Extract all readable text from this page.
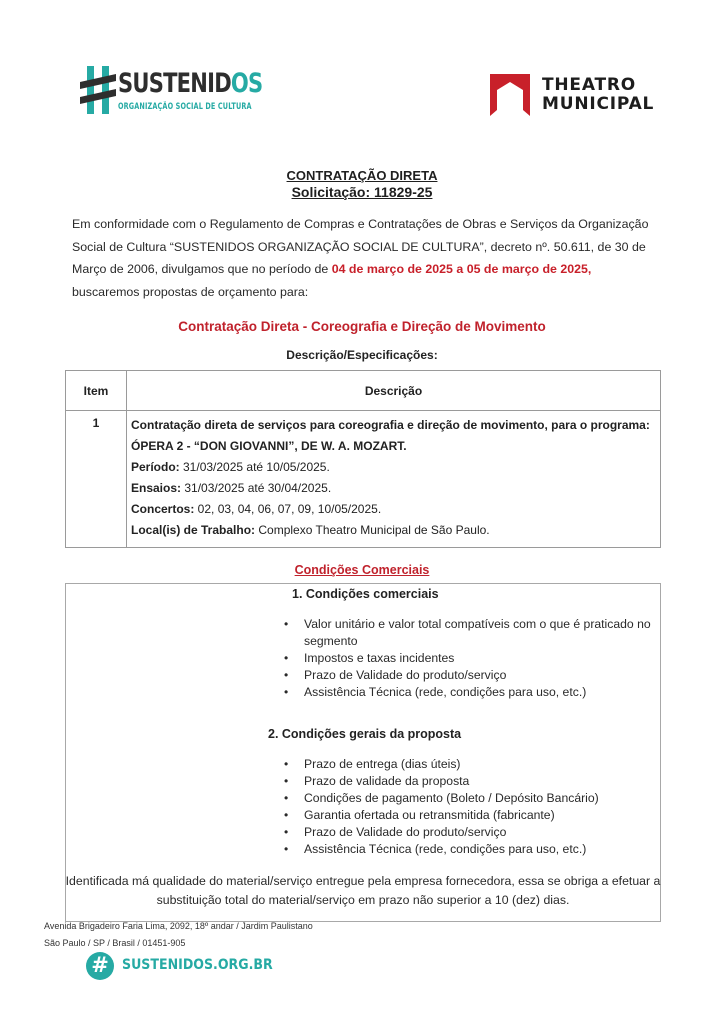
SUSTENIDOS
ORGANIZAÇÃO SOCIAL DE CULTURA
THEATRO
MUNICIPAL
CONTRATAÇÃO DIRETA
Solicitação: 11829-25

Em conformidade com o Regulamento de Compras e Contratações de Obras e Serviços da Organização Social de Cultura “SUSTENIDOS ORGANIZAÇÃO SOCIAL DE CULTURA”, decreto nº. 50.611, de 30 de Março de 2006, divulgamos que no período de 04 de março de 2025 a 05 de março de 2025, buscaremos propostas de orçamento para:

Contratação Direta - Coreografia e Direção de Movimento
Descrição/Especificações:
Item	Descrição
1	Contratação direta de serviços para coreografia e direção de movimento, para o programa:
ÓPERA 2 - “DON GIOVANNI”, DE W. A. MOZART.
Período: 31/03/2025 até 10/05/2025.
Ensaios: 31/03/2025 até 30/04/2025.
Concertos: 02, 03, 04, 06, 07, 09, 10/05/2025.
Local(is) de Trabalho: Complexo Theatro Municipal de São Paulo.
Condições Comerciais
1. Condições comerciais
• Valor unitário e valor total compatíveis com o que é praticado no segmento
• Impostos e taxas incidentes
• Prazo de Validade do produto/serviço
• Assistência Técnica (rede, condições para uso, etc.)
2. Condições gerais da proposta
• Prazo de entrega (dias úteis)
• Prazo de validade da proposta
• Condições de pagamento (Boleto / Depósito Bancário)
• Garantia ofertada ou retransmitida (fabricante)
• Prazo de Validade do produto/serviço
• Assistência Técnica (rede, condições para uso, etc.)
Identificada má qualidade do material/serviço entregue pela empresa fornecedora, essa se obriga a efetuar a substituição total do material/serviço em prazo não superior a 10 (dez) dias.
Avenida Brigadeiro Faria Lima, 2092, 18º andar / Jardim Paulistano
São Paulo / SP / Brasil / 01451-905
# SUSTENIDOS.ORG.BR
